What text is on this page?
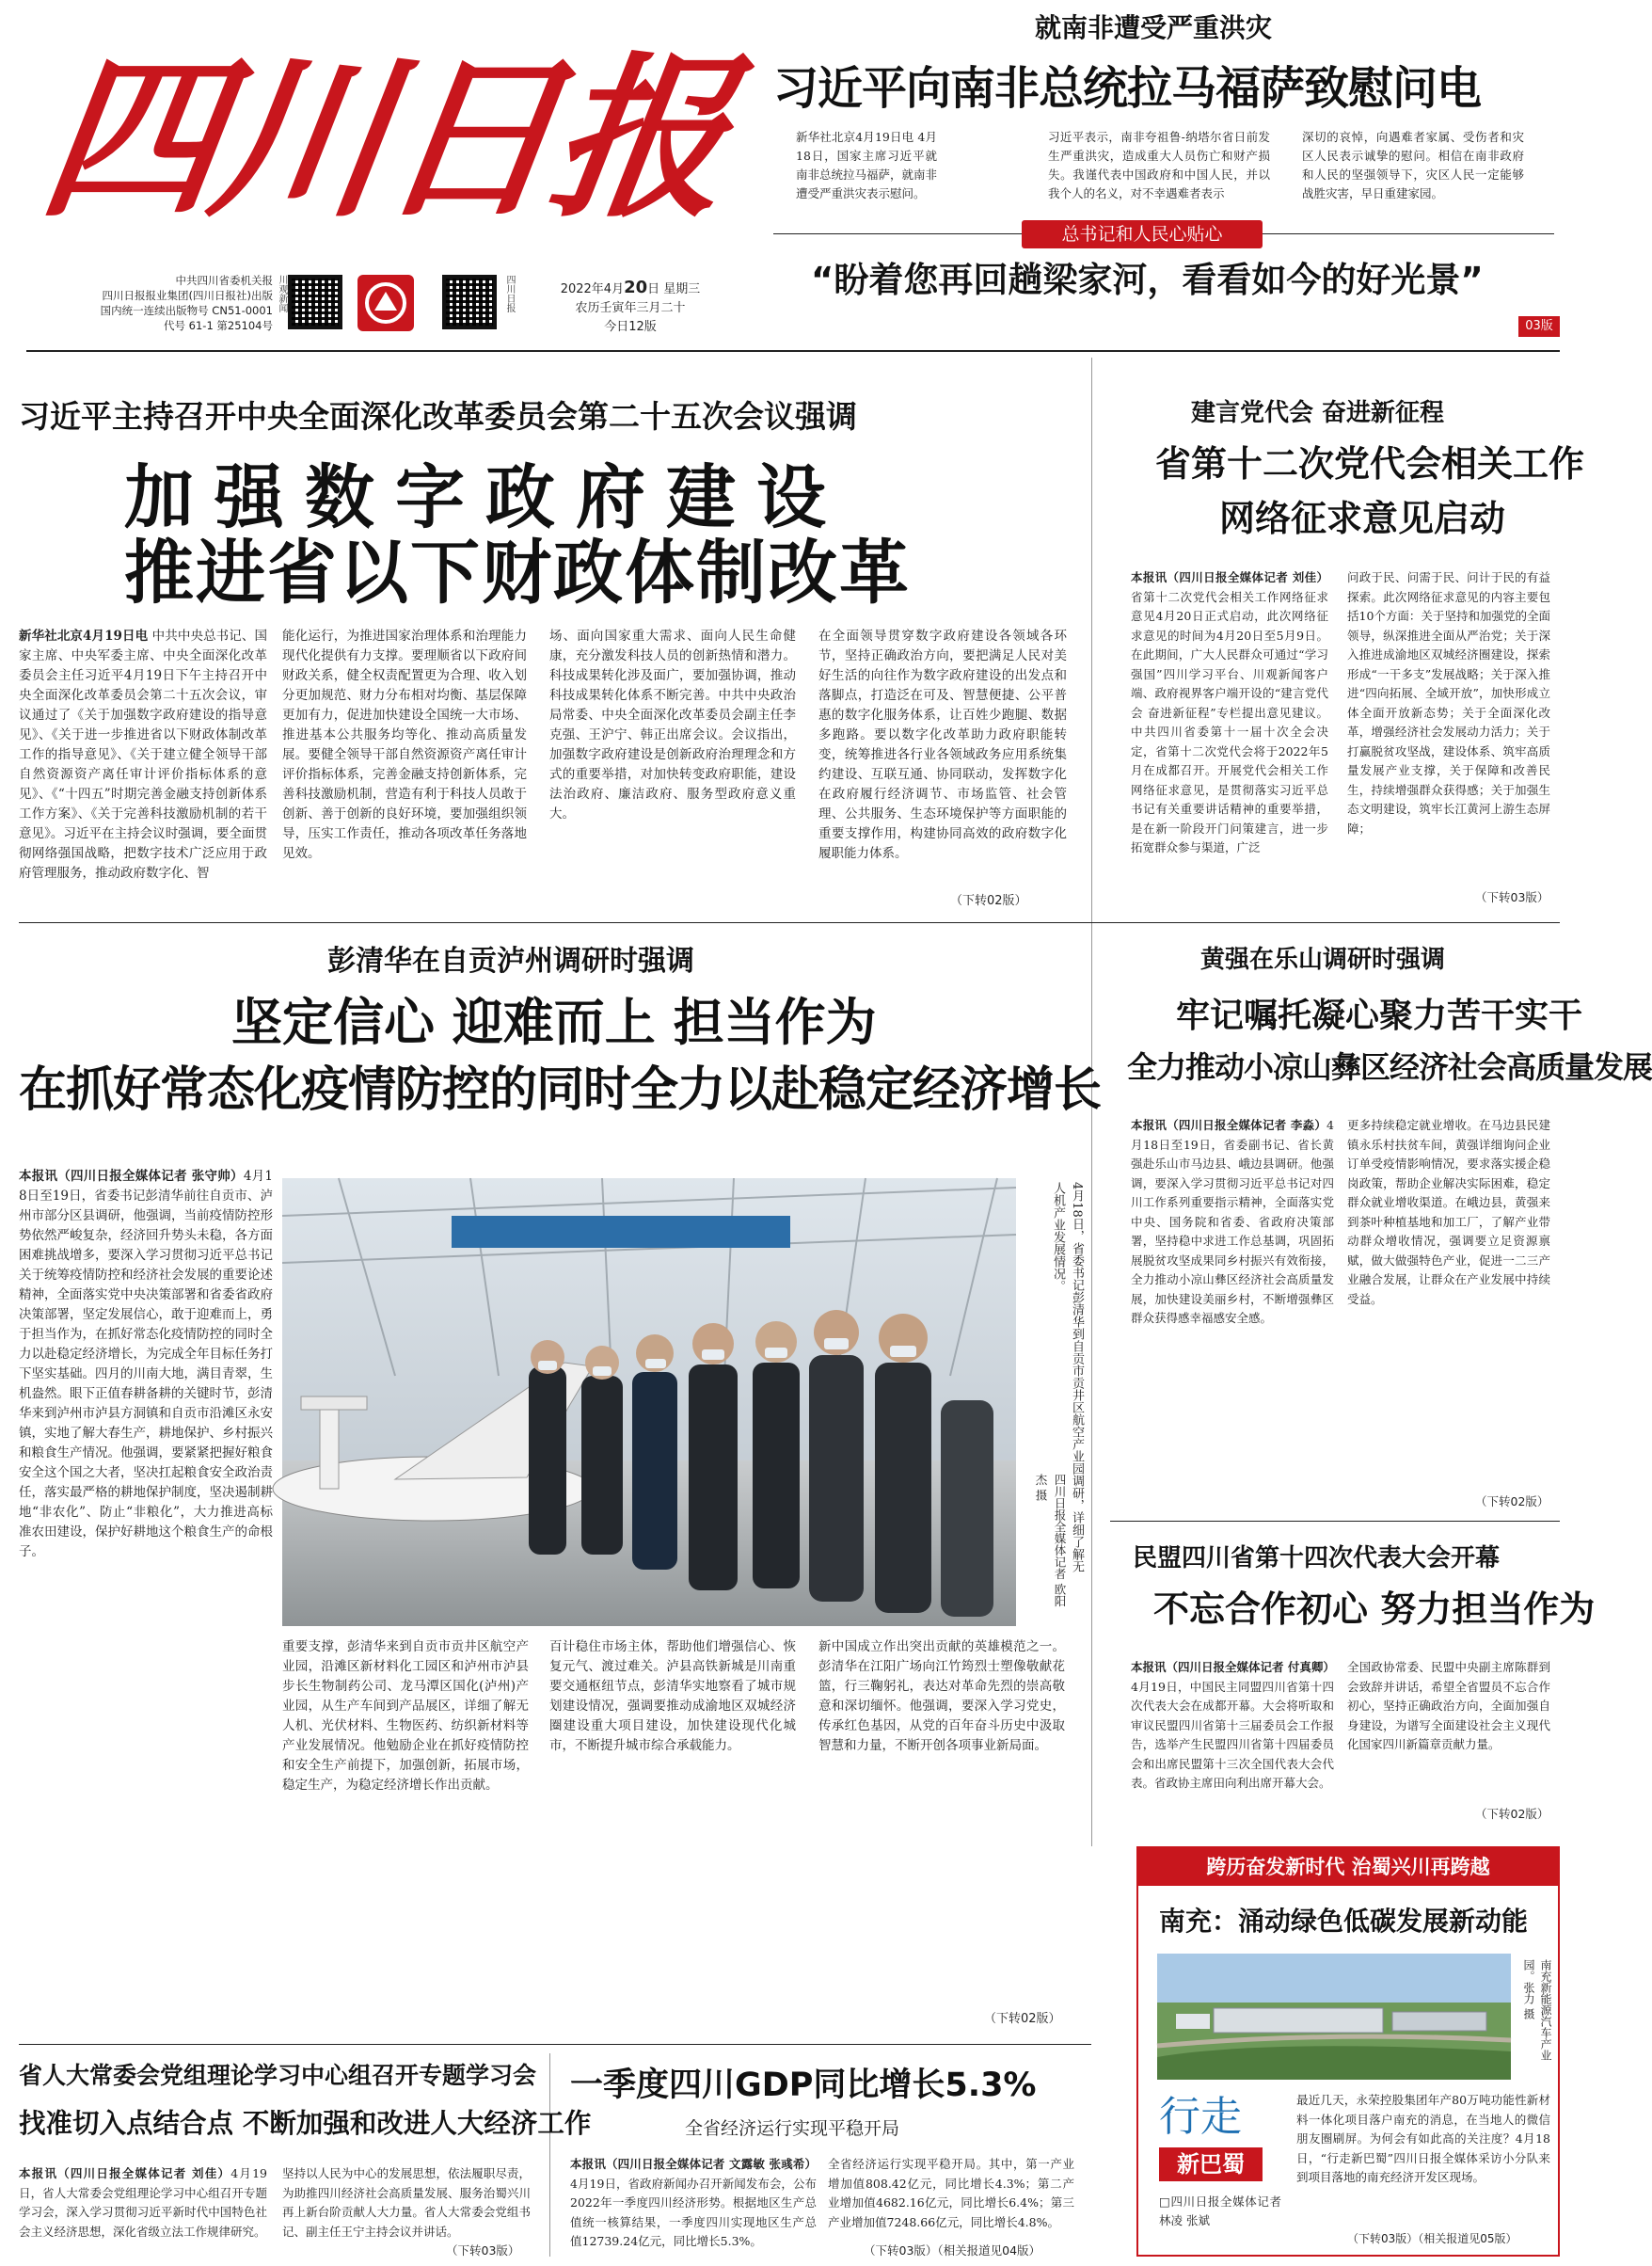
四川日报
中共四川省委机关报
四川日报报业集团(四川日报社)出版
国内统一连续出版物号 CN51-0001
代号 61-1 第25104号
川观新闻	四川日报	2022年4月20日 星期三
农历壬寅年三月二十
今日12版
就南非遭受严重洪灾
习近平向南非总统拉马福萨致慰问电
新华社北京4月19日电 4月18日，国家主席习近平就南非总统拉马福萨，就南非遭受严重洪灾表示慰问。
习近平表示，南非夸祖鲁-纳塔尔省日前发生严重洪灾，造成重大人员伤亡和财产损失。我谨代表中国政府和中国人民，并以我个人的名义，对不幸遇难者表示
深切的哀悼，向遇难者家属、受伤者和灾区人民表示诚挚的慰问。相信在南非政府和人民的坚强领导下，灾区人民一定能够战胜灾害，早日重建家园。
总书记和人民心贴心
“盼着您再回趟梁家河，看看如今的好光景”
03版
习近平主持召开中央全面深化改革委员会第二十五次会议强调
加强数字政府建设
推进省以下财政体制改革
新华社北京4月19日电 中共中央总书记、国家主席、中央军委主席、中央全面深化改革委员会主任习近平4月19日下午主持召开中央全面深化改革委员会第二十五次会议，审议通过了《关于加强数字政府建设的指导意见》、《关于进一步推进省以下财政体制改革工作的指导意见》、《关于建立健全领导干部自然资源资产离任审计评价指标体系的意见》、《“十四五”时期完善金融支持创新体系工作方案》、《关于完善科技激励机制的若干意见》。习近平在主持会议时强调，要全面贯彻网络强国战略，把数字技术广泛应用于政府管理服务，推动政府数字化、智
能化运行，为推进国家治理体系和治理能力现代化提供有力支撑。要理顺省以下政府间财政关系，健全权责配置更为合理、收入划分更加规范、财力分布相对均衡、基层保障更加有力，促进加快建设全国统一大市场、推进基本公共服务均等化、推动高质量发展。要健全领导干部自然资源资产离任审计评价指标体系，完善金融支持创新体系，完善科技激励机制，营造有利于科技人员敢于创新、善于创新的良好环境，要加强组织领导，压实工作责任，推动各项改革任务落地见效。
场、面向国家重大需求、面向人民生命健康，充分激发科技人员的创新热情和潜力。科技成果转化涉及面广，要加强协调，推动科技成果转化体系不断完善。中共中央政治局常委、中央全面深化改革委员会副主任李克强、王沪宁、韩正出席会议。会议指出，加强数字政府建设是创新政府治理理念和方式的重要举措，对加快转变政府职能，建设法治政府、廉洁政府、服务型政府意义重大。
在全面领导贯穿数字政府建设各领域各环节，坚持正确政治方向，要把满足人民对美好生活的向往作为数字政府建设的出发点和落脚点，打造泛在可及、智慧便捷、公平普惠的数字化服务体系，让百姓少跑腿、数据多跑路。要以数字化改革助力政府职能转变，统筹推进各行业各领域政务应用系统集约建设、互联互通、协同联动，发挥数字化在政府履行经济调节、市场监管、社会管理、公共服务、生态环境保护等方面职能的重要支撑作用，构建协同高效的政府数字化履职能力体系。
（下转02版）
建言党代会 奋进新征程
省第十二次党代会相关工作
网络征求意见启动
本报讯（四川日报全媒体记者 刘佳）省第十二次党代会相关工作网络征求意见4月20日正式启动，此次网络征求意见的时间为4月20日至5月9日。在此期间，广大人民群众可通过“学习强国”四川学习平台、川观新闻客户端、政府视界客户端开设的“建言党代会 奋进新征程”专栏提出意见建议。中共四川省委第十一届十次全会决定，省第十二次党代会将于2022年5月在成都召开。开展党代会相关工作网络征求意见，是贯彻落实习近平总书记有关重要讲话精神的重要举措，是在新一阶段开门问策建言，进一步拓宽群众参与渠道，广泛
问政于民、问需于民、问计于民的有益探索。此次网络征求意见的内容主要包括10个方面：关于坚持和加强党的全面领导，纵深推进全面从严治党；关于深入推进成渝地区双城经济圈建设，探索形成“一干多支”发展战略；关于深入推进“四向拓展、全域开放”，加快形成立体全面开放新态势；关于全面深化改革，增强经济社会发展动力活力；关于打赢脱贫攻坚战，建设体系、筑牢高质量发展产业支撑，关于保障和改善民生，持续增强群众获得感；关于加强生态文明建设，筑牢长江黄河上游生态屏障；
（下转03版）
彭清华在自贡泸州调研时强调
坚定信心 迎难而上 担当作为
在抓好常态化疫情防控的同时全力以赴稳定经济增长
本报讯（四川日报全媒体记者 张守帅）4月18日至19日，省委书记彭清华前往自贡市、泸州市部分区县调研，他强调，当前疫情防控形势依然严峻复杂，经济回升势头未稳，各方面困难挑战增多，要深入学习贯彻习近平总书记关于统筹疫情防控和经济社会发展的重要论述精神，全面落实党中央决策部署和省委省政府决策部署，坚定发展信心，敢于迎难而上，勇于担当作为，在抓好常态化疫情防控的同时全力以赴稳定经济增长，为完成全年目标任务打下坚实基础。四月的川南大地，满目青翠，生机盎然。眼下正值春耕备耕的关键时节，彭清华来到泸州市泸县方洞镇和自贡市沿滩区永安镇，实地了解大春生产，耕地保护、乡村振兴和粮食生产情况。他强调，要紧紧把握好粮食安全这个国之大者，坚决扛起粮食安全政治责任，落实最严格的耕地保护制度，坚决遏制耕地“非农化”、防止“非粮化”，大力推进高标准农田建设，保护好耕地这个粮食生产的命根子。	4月18日，省委书记彭清华到自贡市贡井区航空产业园调研，详细了解无人机产业发展情况。
四川日报全媒体记者 欧阳杰 摄
重要支撑，彭清华来到自贡市贡井区航空产业园，沿滩区新材料化工园区和泸州市泸县步长生物制药公司、龙马潭区国化(泸州)产业园，从生产车间到产品展区，详细了解无人机、光伏材料、生物医药、纺织新材料等产业发展情况。他勉励企业在抓好疫情防控和安全生产前提下，加强创新，拓展市场，稳定生产，为稳定经济增长作出贡献。
百计稳住市场主体，帮助他们增强信心、恢复元气、渡过难关。泸县高铁新城是川南重要交通枢纽节点，彭清华实地察看了城市规划建设情况，强调要推动成渝地区双城经济圈建设重大项目建设，加快建设现代化城市，不断提升城市综合承载能力。
新中国成立作出突出贡献的英雄模范之一。彭清华在江阳广场向江竹筠烈士塑像敬献花篮，行三鞠躬礼，表达对革命先烈的崇高敬意和深切缅怀。他强调，要深入学习党史，传承红色基因，从党的百年奋斗历史中汲取智慧和力量，不断开创各项事业新局面。
（下转02版）
黄强在乐山调研时强调
牢记嘱托凝心聚力苦干实干
全力推动小凉山彝区经济社会高质量发展
本报讯（四川日报全媒体记者 李淼）4月18日至19日，省委副书记、省长黄强赴乐山市马边县、峨边县调研。他强调，要深入学习贯彻习近平总书记对四川工作系列重要指示精神，全面落实党中央、国务院和省委、省政府决策部署，坚持稳中求进工作总基调，巩固拓展脱贫攻坚成果同乡村振兴有效衔接，全力推动小凉山彝区经济社会高质量发展，加快建设美丽乡村，不断增强彝区群众获得感幸福感安全感。
更多持续稳定就业增收。在马边县民建镇永乐村扶贫车间，黄强详细询问企业订单受疫情影响情况，要求落实援企稳岗政策，帮助企业解决实际困难，稳定群众就业增收渠道。在峨边县，黄强来到茶叶种植基地和加工厂，了解产业带动群众增收情况，强调要立足资源禀赋，做大做强特色产业，促进一二三产业融合发展，让群众在产业发展中持续受益。
（下转02版）
民盟四川省第十四次代表大会开幕
不忘合作初心 努力担当作为
本报讯（四川日报全媒体记者 付真卿）4月19日，中国民主同盟四川省第十四次代表大会在成都开幕。大会将听取和审议民盟四川省第十三届委员会工作报告，选举产生民盟四川省第十四届委员会和出席民盟第十三次全国代表大会代表。省政协主席田向利出席开幕大会。
全国政协常委、民盟中央副主席陈群到会致辞并讲话，希望全省盟员不忘合作初心，坚持正确政治方向，全面加强自身建设，为谱写全面建设社会主义现代化国家四川新篇章贡献力量。
（下转02版）
跨历奋发新时代 治蜀兴川再跨越
南充：涌动绿色低碳发展新动能
南充新能源汽车产业园。张力 摄
行走
新巴蜀
□四川日报全媒体记者 林凌 张斌
最近几天，永荣控股集团年产80万吨功能性新材料一体化项目落户南充的消息，在当地人的微信朋友圈刷屏。为何会有如此高的关注度？4月18日，“行走新巴蜀”四川日报全媒体采访小分队来到项目落地的南充经济开发区现场。
（下转03版）（相关报道见05版）
省人大常委会党组理论学习中心组召开专题学习会
找准切入点结合点 不断加强和改进人大经济工作
本报讯（四川日报全媒体记者 刘佳）4月19日，省人大常委会党组理论学习中心组召开专题学习会，深入学习贯彻习近平新时代中国特色社会主义经济思想，深化省级立法工作规律研究。
坚持以人民为中心的发展思想，依法履职尽责，为助推四川经济社会高质量发展、服务治蜀兴川再上新台阶贡献人大力量。省人大常委会党组书记、副主任王宁主持会议并讲话。
（下转03版）
一季度四川GDP同比增长5.3%
全省经济运行实现平稳开局
本报讯（四川日报全媒体记者 文露敏 张彧希）4月19日，省政府新闻办召开新闻发布会，公布2022年一季度四川经济形势。根据地区生产总值统一核算结果，一季度四川实现地区生产总值12739.24亿元，同比增长5.3%。
全省经济运行实现平稳开局。其中，第一产业增加值808.42亿元，同比增长4.3%；第二产业增加值4682.16亿元，同比增长6.4%；第三产业增加值7248.66亿元，同比增长4.8%。
（下转03版）（相关报道见04版）
